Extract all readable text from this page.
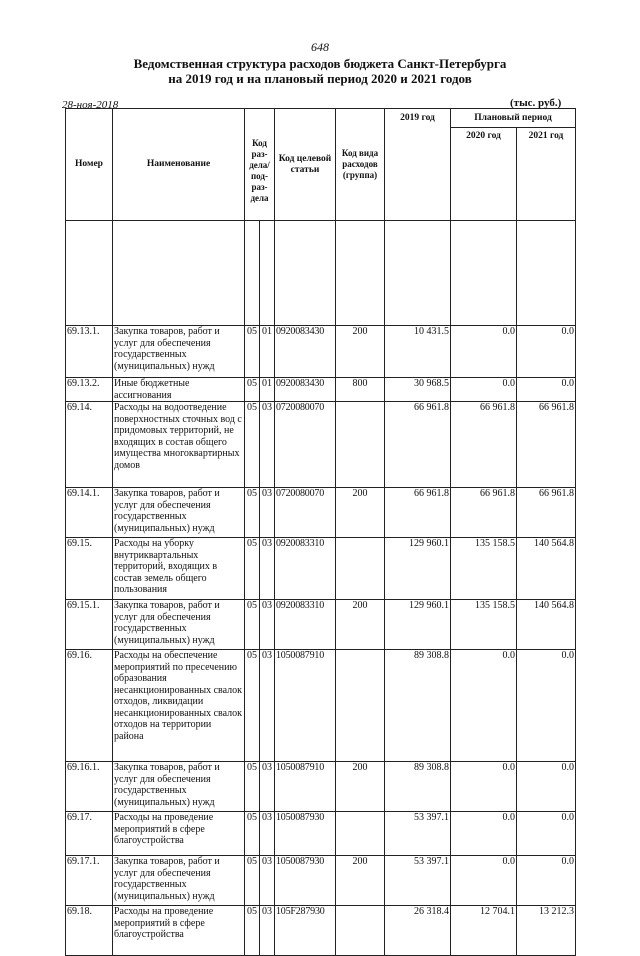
648
Ведомственная структура расходов бюджета Санкт-Петербурга
на 2019 год и на плановый период 2020 и 2021 годов
28-ноя-2018	(тыс. руб.)
Номер	Наименование	Код раз-дела/ под-раз-дела		Код целевой статьи	Код вида расходов (группа)	2019 год	Плановый период	
							2020 год	2021 год

69.13.1.	Закупка товаров, работ и услуг для обеспечения государственных (муниципальных) нужд	05	01	0920083430	200	10 431.5	0.0	0.0
69.13.2.	Иные бюджетные ассигнования	05	01	0920083430	800	30 968.5	0.0	0.0
69.14.	Расходы на водоотведение поверхностных сточных вод с придомовых территорий, не входящих в состав общего имущества многоквартирных домов	05	03	0720080070		66 961.8	66 961.8	66 961.8
69.14.1.	Закупка товаров, работ и услуг для обеспечения государственных (муниципальных) нужд	05	03	0720080070	200	66 961.8	66 961.8	66 961.8
69.15.	Расходы на уборку внутриквартальных территорий, входящих в состав земель общего пользования	05	03	0920083310		129 960.1	135 158.5	140 564.8
69.15.1.	Закупка товаров, работ и услуг для обеспечения государственных (муниципальных) нужд	05	03	0920083310	200	129 960.1	135 158.5	140 564.8
69.16.	Расходы на обеспечение мероприятий по пресечению образования несанкционированных свалок отходов, ликвидации несанкционированных свалок отходов на территории района	05	03	1050087910		89 308.8	0.0	0.0
69.16.1.	Закупка товаров, работ и услуг для обеспечения государственных (муниципальных) нужд	05	03	1050087910	200	89 308.8	0.0	0.0
69.17.	Расходы на проведение мероприятий в сфере благоустройства	05	03	1050087930		53 397.1	0.0	0.0
69.17.1.	Закупка товаров, работ и услуг для обеспечения государственных (муниципальных) нужд	05	03	1050087930	200	53 397.1	0.0	0.0
69.18.	Расходы на проведение мероприятий в сфере благоустройства	05	03	105F287930		26 318.4	12 704.1	13 212.3
